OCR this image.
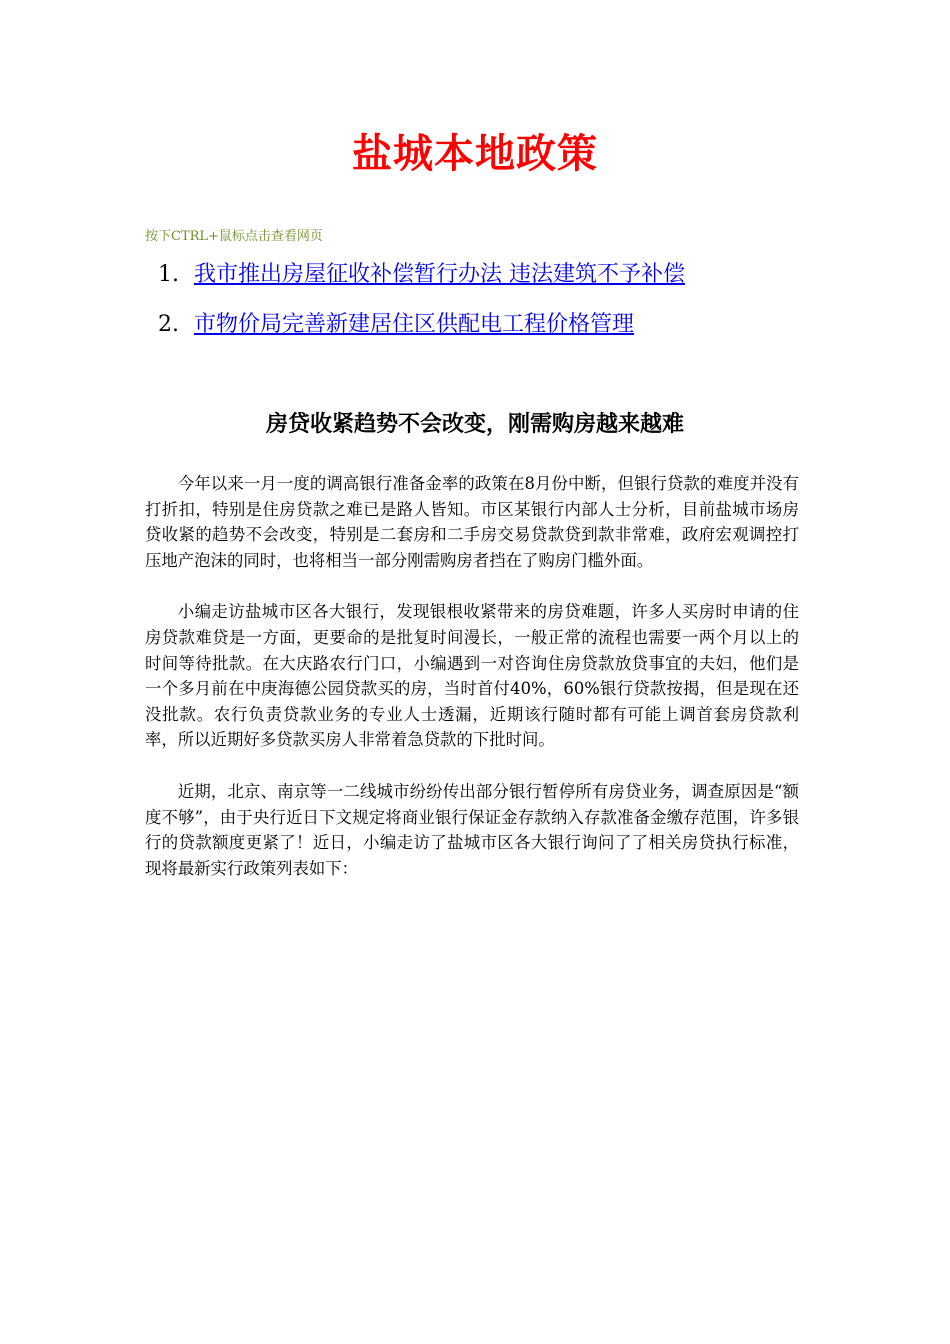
盐城本地政策
按下CTRL+鼠标点击查看网页
1. 我市推出房屋征收补偿暂行办法 违法建筑不予补偿
2. 市物价局完善新建居住区供配电工程价格管理
房贷收紧趋势不会改变，刚需购房越来越难

今年以来一月一度的调高银行准备金率的政策在8月份中断，但银行贷款的难度并没有打折扣，特别是住房贷款之难已是路人皆知。市区某银行内部人士分析，目前盐城市场房贷收紧的趋势不会改变，特别是二套房和二手房交易贷款贷到款非常难，政府宏观调控打压地产泡沫的同时，也将相当一部分刚需购房者挡在了购房门槛外面。

小编走访盐城市区各大银行，发现银根收紧带来的房贷难题，许多人买房时申请的住房贷款难贷是一方面，更要命的是批复时间漫长，一般正常的流程也需要一两个月以上的时间等待批款。在大庆路农行门口，小编遇到一对咨询住房贷款放贷事宜的夫妇，他们是一个多月前在中庚海德公园贷款买的房，当时首付40%，60%银行贷款按揭，但是现在还没批款。农行负责贷款业务的专业人士透漏，近期该行随时都有可能上调首套房贷款利率，所以近期好多贷款买房人非常着急贷款的下批时间。

近期，北京、南京等一二线城市纷纷传出部分银行暂停所有房贷业务，调查原因是“额度不够”，由于央行近日下文规定将商业银行保证金存款纳入存款准备金缴存范围，许多银行的贷款额度更紧了！近日，小编走访了盐城市区各大银行询问了了相关房贷执行标准，现将最新实行政策列表如下：
